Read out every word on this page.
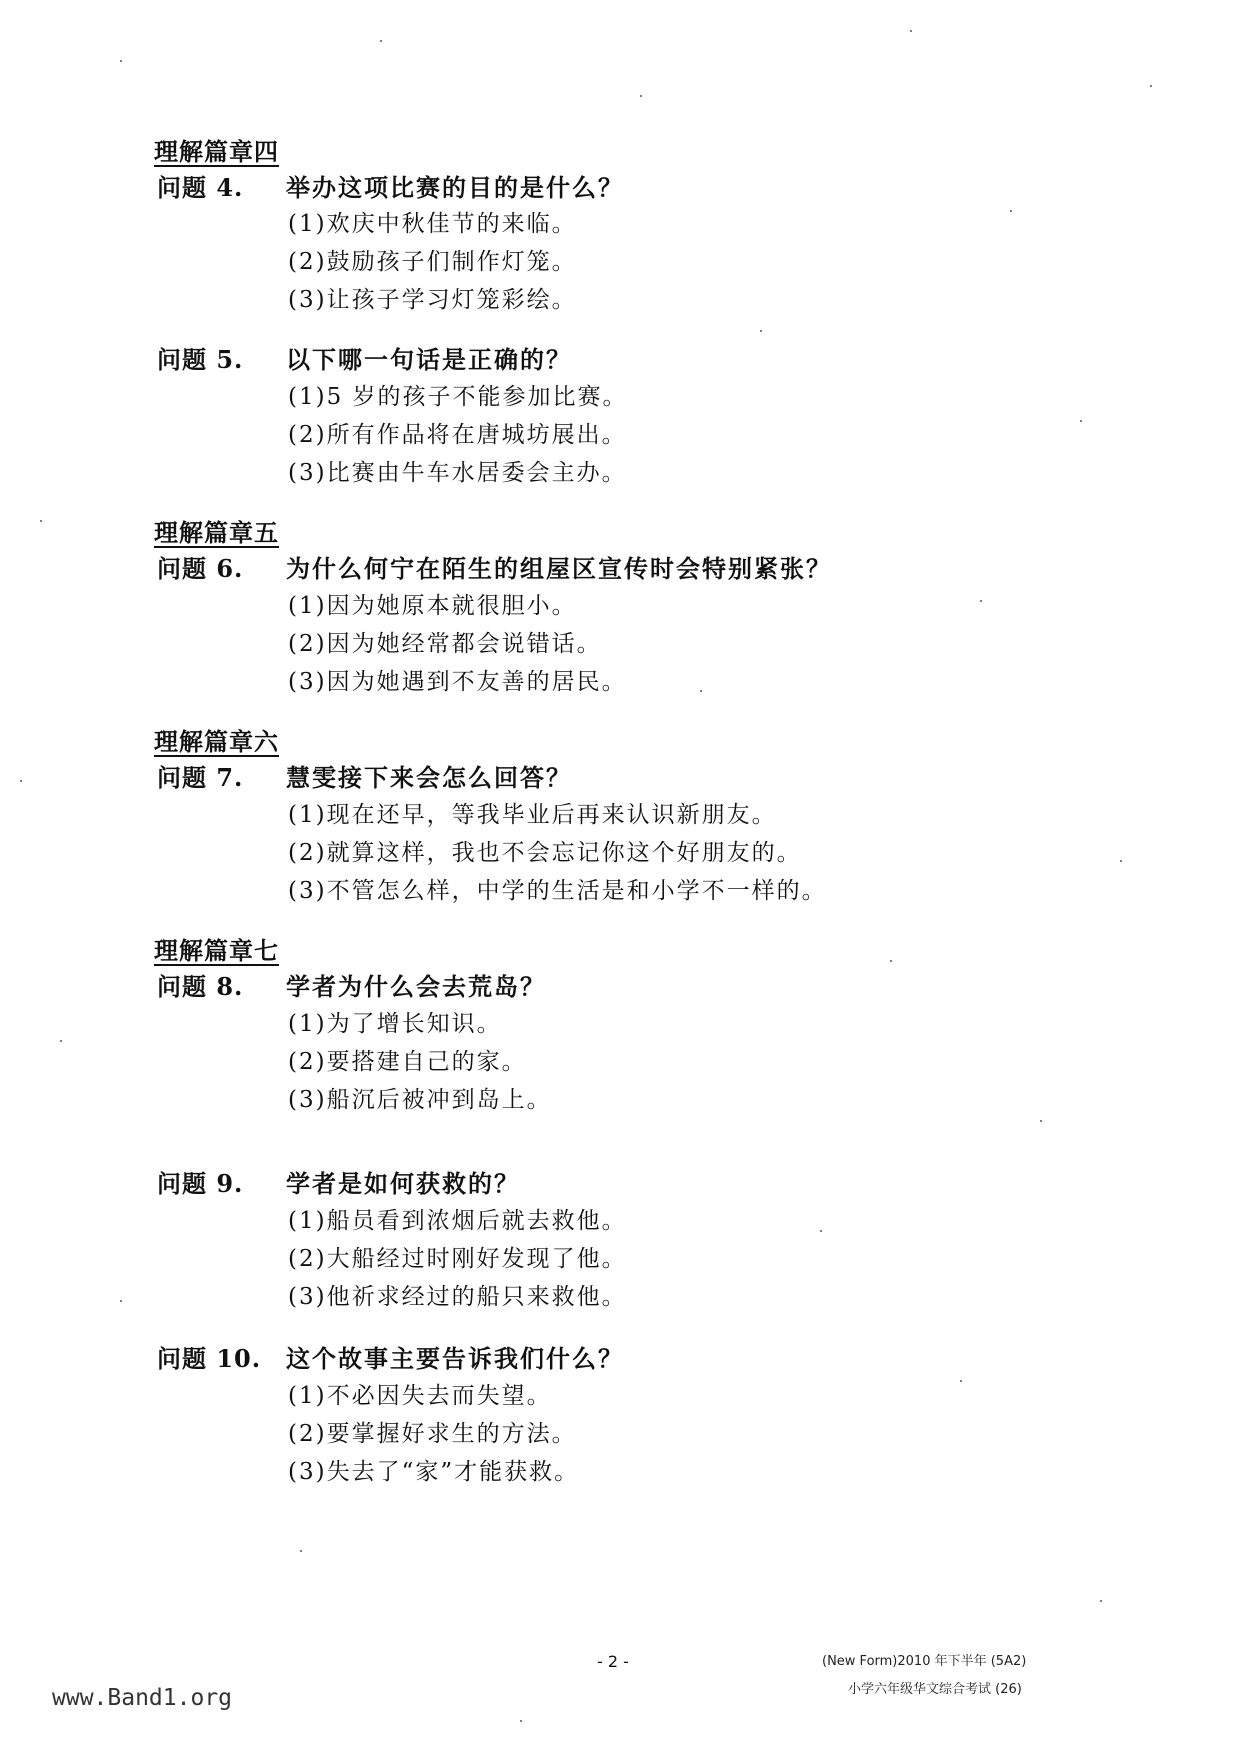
理解篇章四
问题 4. 举办这项比赛的目的是什么？
(1)欢庆中秋佳节的来临。
(2)鼓励孩子们制作灯笼。
(3)让孩子学习灯笼彩绘。
问题 5. 以下哪一句话是正确的？
(1)5 岁的孩子不能参加比赛。
(2)所有作品将在唐城坊展出。
(3)比赛由牛车水居委会主办。
理解篇章五
问题 6. 为什么何宁在陌生的组屋区宣传时会特别紧张？
(1)因为她原本就很胆小。
(2)因为她经常都会说错话。
(3)因为她遇到不友善的居民。
理解篇章六
问题 7. 慧雯接下来会怎么回答？
(1)现在还早，等我毕业后再来认识新朋友。
(2)就算这样，我也不会忘记你这个好朋友的。
(3)不管怎么样，中学的生活是和小学不一样的。
理解篇章七
问题 8. 学者为什么会去荒岛？
(1)为了增长知识。
(2)要搭建自己的家。
(3)船沉后被冲到岛上。
问题 9. 学者是如何获救的？
(1)船员看到浓烟后就去救他。
(2)大船经过时刚好发现了他。
(3)他祈求经过的船只来救他。
问题 10. 这个故事主要告诉我们什么？
(1)不必因失去而失望。
(2)要掌握好求生的方法。
(3)失去了“家”才能获救。
- 2 -	(New Form)2010 年下半年 (5A2)
小学六年级华文综合考试 (26)
www.Band1.org
